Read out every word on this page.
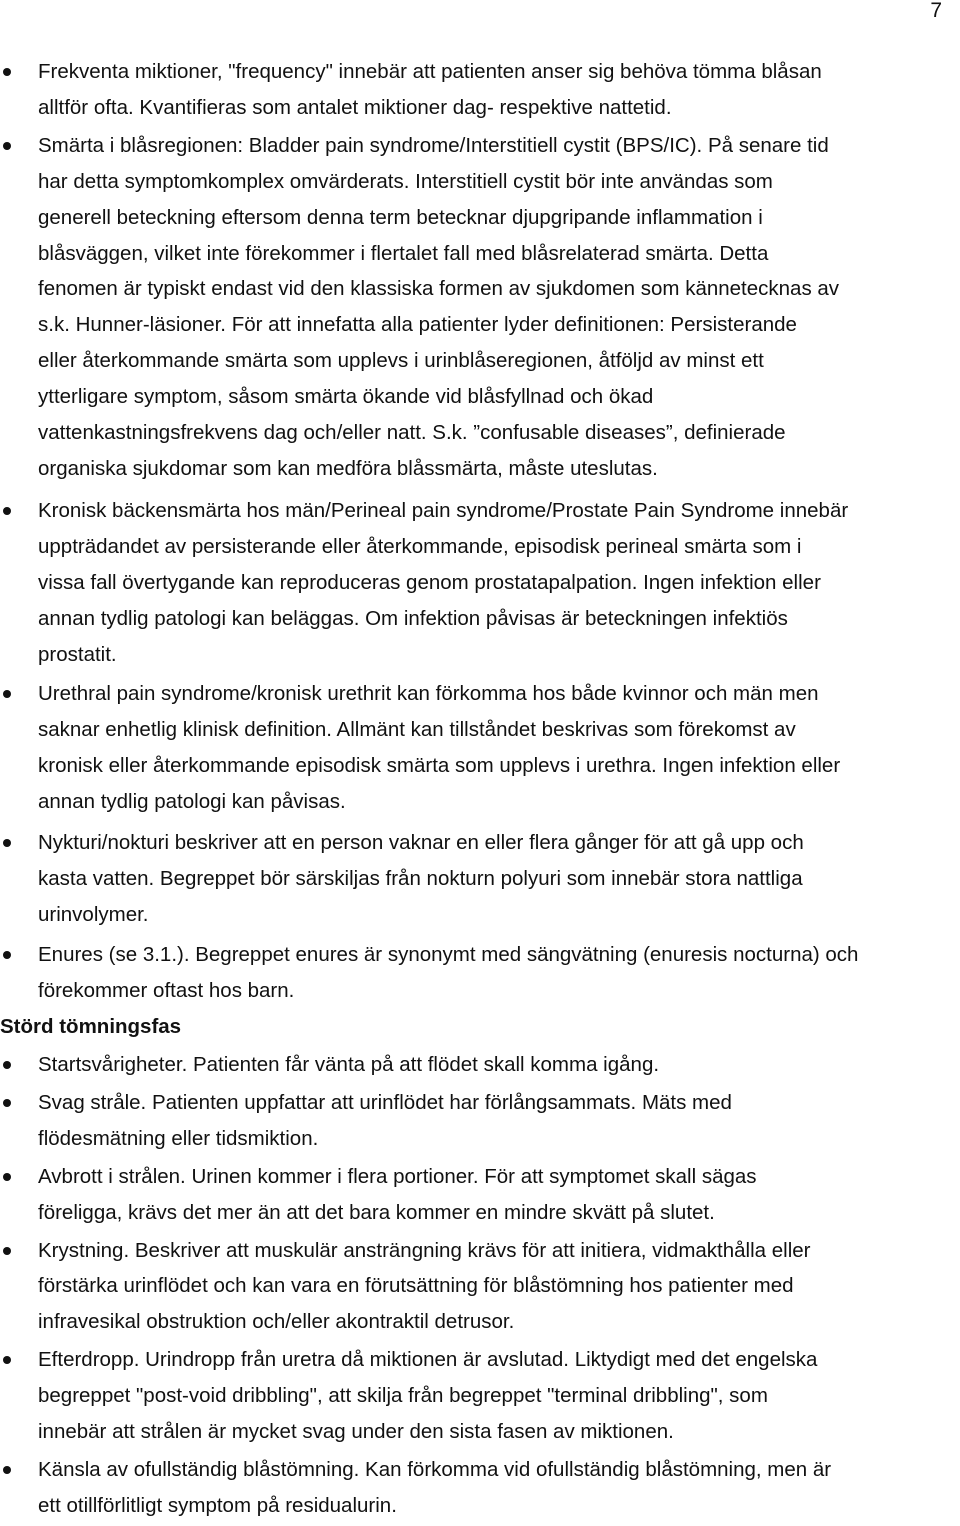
7
Frekventa miktioner, "frequency" innebär att patienten anser sig behöva tömma blåsan
alltför ofta. Kvantifieras som antalet miktioner dag- respektive nattetid.
Smärta i blåsregionen: Bladder pain syndrome/Interstitiell cystit (BPS/IC). På senare tid
har detta symptomkomplex omvärderats. Interstitiell cystit bör inte användas som
generell beteckning eftersom denna term betecknar djupgripande inflammation i
blåsväggen, vilket inte förekommer i flertalet fall med blåsrelaterad smärta. Detta
fenomen är typiskt endast vid den klassiska formen av sjukdomen som kännetecknas av
s.k. Hunner-läsioner. För att innefatta alla patienter lyder definitionen: Persisterande
eller återkommande smärta som upplevs i urinblåseregionen, åtföljd av minst ett
ytterligare symptom, såsom smärta ökande vid blåsfyllnad och ökad
vattenkastningsfrekvens dag och/eller natt. S.k. ”confusable diseases”, definierade
organiska sjukdomar som kan medföra blåssmärta, måste uteslutas.
Kronisk bäckensmärta hos män/Perineal pain syndrome/Prostate Pain Syndrome innebär
uppträdandet av persisterande eller återkommande, episodisk perineal smärta som i
vissa fall övertygande kan reproduceras genom prostatapalpation. Ingen infektion eller
annan tydlig patologi kan beläggas. Om infektion påvisas är beteckningen infektiös
prostatit.
Urethral pain syndrome/kronisk urethrit kan förkomma hos både kvinnor och män men
saknar enhetlig klinisk definition. Allmänt kan tillståndet beskrivas som förekomst av
kronisk eller återkommande episodisk smärta som upplevs i urethra. Ingen infektion eller
annan tydlig patologi kan påvisas.
Nykturi/nokturi beskriver att en person vaknar en eller flera gånger för att gå upp och
kasta vatten. Begreppet bör särskiljas från nokturn polyuri som innebär stora nattliga
urinvolymer.
Enures (se 3.1.). Begreppet enures är synonymt med sängvätning (enuresis nocturna) och
förekommer oftast hos barn.
Störd tömningsfas
Startsvårigheter. Patienten får vänta på att flödet skall komma igång.
Svag stråle. Patienten uppfattar att urinflödet har förlångsammats. Mäts med
flödesmätning eller tidsmiktion.
Avbrott i strålen. Urinen kommer i flera portioner. För att symptomet skall sägas
föreligga, krävs det mer än att det bara kommer en mindre skvätt på slutet.
Krystning. Beskriver att muskulär ansträngning krävs för att initiera, vidmakthålla eller
förstärka urinflödet och kan vara en förutsättning för blåstömning hos patienter med
infravesikal obstruktion och/eller akontraktil detrusor.
Efterdropp. Urindropp från uretra då miktionen är avslutad. Liktydigt med det engelska
begreppet "post-void dribbling", att skilja från begreppet "terminal dribbling", som
innebär att strålen är mycket svag under den sista fasen av miktionen.
Känsla av ofullständig blåstömning. Kan förkomma vid ofullständig blåstömning, men är
ett otillförlitligt symptom på residualurin.
